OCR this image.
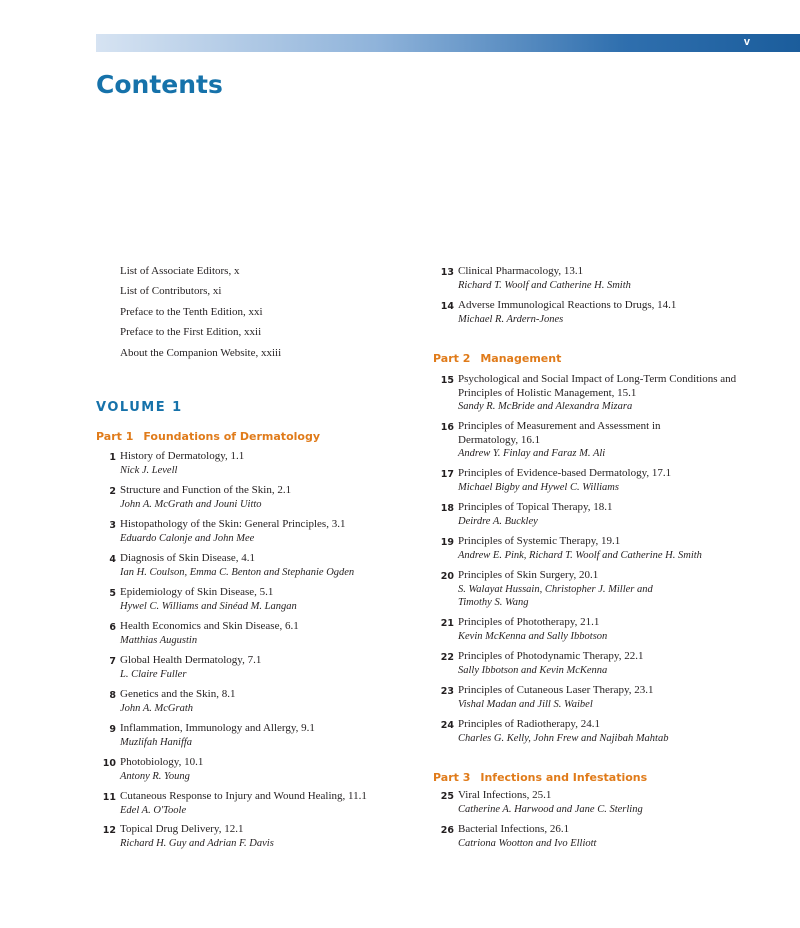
v
Contents
List of Associate Editors, x
List of Contributors, xi
Preface to the Tenth Edition, xxi
Preface to the First Edition, xxii
About the Companion Website, xxiii
VOLUME 1
Part 1 Foundations of Dermatology
1 History of Dermatology, 1.1
Nick J. Levell
2 Structure and Function of the Skin, 2.1
John A. McGrath and Jouni Uitto
3 Histopathology of the Skin: General Principles, 3.1
Eduardo Calonje and John Mee
4 Diagnosis of Skin Disease, 4.1
Ian H. Coulson, Emma C. Benton and Stephanie Ogden
5 Epidemiology of Skin Disease, 5.1
Hywel C. Williams and Sinéad M. Langan
6 Health Economics and Skin Disease, 6.1
Matthias Augustin
7 Global Health Dermatology, 7.1
L. Claire Fuller
8 Genetics and the Skin, 8.1
John A. McGrath
9 Inflammation, Immunology and Allergy, 9.1
Muzlifah Haniffa
10 Photobiology, 10.1
Antony R. Young
11 Cutaneous Response to Injury and Wound Healing, 11.1
Edel A. O'Toole
12 Topical Drug Delivery, 12.1
Richard H. Guy and Adrian F. Davis
13 Clinical Pharmacology, 13.1
Richard T. Woolf and Catherine H. Smith
14 Adverse Immunological Reactions to Drugs, 14.1
Michael R. Ardern-Jones
Part 2 Management
15 Psychological and Social Impact of Long-Term Conditions and Principles of Holistic Management, 15.1
Sandy R. McBride and Alexandra Mizara
16 Principles of Measurement and Assessment in Dermatology, 16.1
Andrew Y. Finlay and Faraz M. Ali
17 Principles of Evidence-based Dermatology, 17.1
Michael Bigby and Hywel C. Williams
18 Principles of Topical Therapy, 18.1
Deirdre A. Buckley
19 Principles of Systemic Therapy, 19.1
Andrew E. Pink, Richard T. Woolf and Catherine H. Smith
20 Principles of Skin Surgery, 20.1
S. Walayat Hussain, Christopher J. Miller and Timothy S. Wang
21 Principles of Phototherapy, 21.1
Kevin McKenna and Sally Ibbotson
22 Principles of Photodynamic Therapy, 22.1
Sally Ibbotson and Kevin McKenna
23 Principles of Cutaneous Laser Therapy, 23.1
Vishal Madan and Jill S. Waibel
24 Principles of Radiotherapy, 24.1
Charles G. Kelly, John Frew and Najibah Mahtab
Part 3 Infections and Infestations
25 Viral Infections, 25.1
Catherine A. Harwood and Jane C. Sterling
26 Bacterial Infections, 26.1
Catriona Wootton and Ivo Elliott
